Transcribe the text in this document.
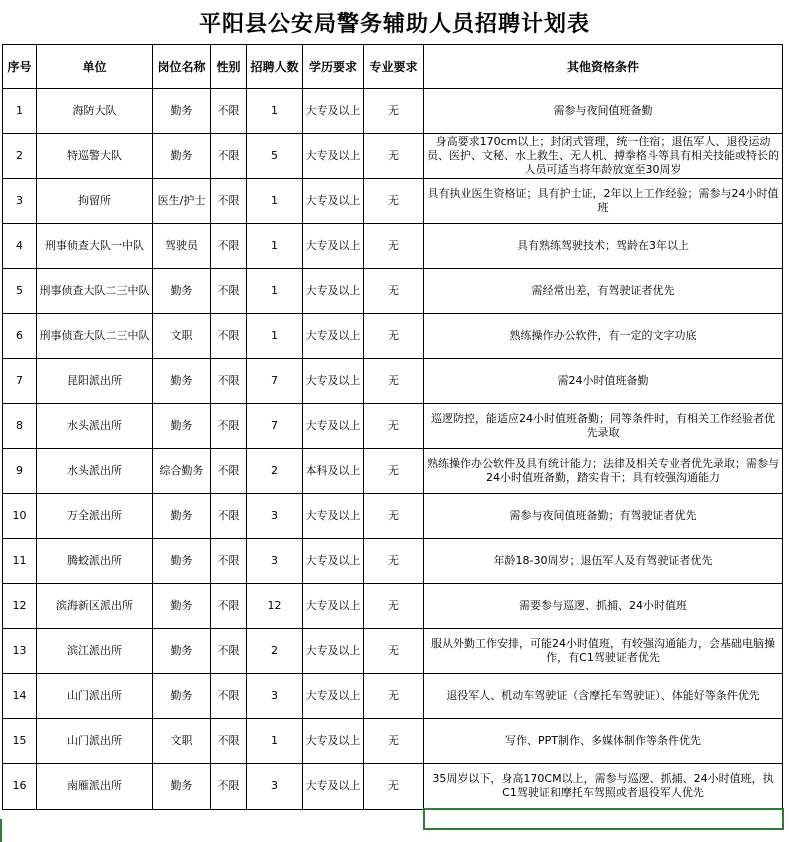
平阳县公安局警务辅助人员招聘计划表
序号	单位	岗位名称	性别	招聘人数	学历要求	专业要求	其他资格条件
1	海防大队	勤务	不限	1	大专及以上	无	需参与夜间值班备勤
2	特巡警大队	勤务	不限	5	大专及以上	无	身高要求170cm以上；封闭式管理，统一住宿；退伍军人、退役运动员、医护、文秘、水上救生、无人机、搏拳格斗等具有相关技能或特长的人员可适当将年龄放宽至30周岁
3	拘留所	医生/护士	不限	1	大专及以上	无	具有执业医生资格证；具有护士证，2年以上工作经验；需参与24小时值班
4	刑事侦查大队一中队	驾驶员	不限	1	大专及以上	无	具有熟练驾驶技术；驾龄在3年以上
5	刑事侦查大队二三中队	勤务	不限	1	大专及以上	无	需经常出差，有驾驶证者优先
6	刑事侦查大队二三中队	文职	不限	1	大专及以上	无	熟练操作办公软件，有一定的文字功底
7	昆阳派出所	勤务	不限	7	大专及以上	无	需24小时值班备勤
8	水头派出所	勤务	不限	7	大专及以上	无	巡逻防控，能适应24小时值班备勤；同等条件时，有相关工作经验者优先录取
9	水头派出所	综合勤务	不限	2	本科及以上	无	熟练操作办公软件及具有统计能力；法律及相关专业者优先录取；需参与24小时值班备勤，踏实肯干；具有较强沟通能力
10	万全派出所	勤务	不限	3	大专及以上	无	需参与夜间值班备勤；有驾驶证者优先
11	腾蛟派出所	勤务	不限	3	大专及以上	无	年龄18-30周岁；退伍军人及有驾驶证者优先
12	滨海新区派出所	勤务	不限	12	大专及以上	无	需要参与巡逻、抓捕、24小时值班
13	滨江派出所	勤务	不限	2	大专及以上	无	服从外勤工作安排，可能24小时值班，有较强沟通能力，会基础电脑操作，有C1驾驶证者优先
14	山门派出所	勤务	不限	3	大专及以上	无	退役军人、机动车驾驶证（含摩托车驾驶证）、体能好等条件优先
15	山门派出所	文职	不限	1	大专及以上	无	写作、PPT制作、多媒体制作等条件优先
16	南雁派出所	勤务	不限	3	大专及以上	无	35周岁以下，身高170CM以上，需参与巡逻、抓捕、24小时值班，执C1驾驶证和摩托车驾照或者退役军人优先
